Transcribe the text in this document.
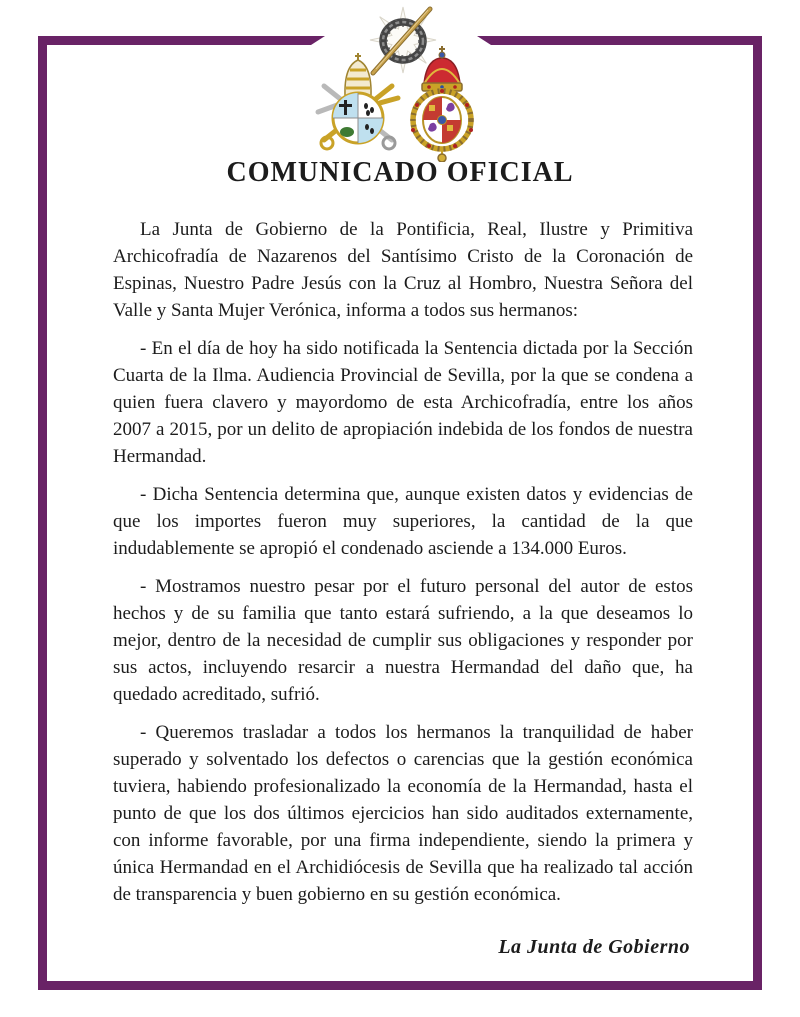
COMUNICADO OFICIAL

La Junta de Gobierno de la Pontificia, Real, Ilustre y Primitiva Archicofradía de Nazarenos del Santísimo Cristo de la Coronación de Espinas, Nuestro Padre Jesús con la Cruz al Hombro, Nuestra Señora del Valle y Santa Mujer Verónica, informa a todos sus hermanos:

- En el día de hoy ha sido notificada la Sentencia dictada por la Sección Cuarta de la Ilma. Audiencia Provincial de Sevilla, por la que se condena a quien fuera clavero y mayordomo de esta Archicofradía, entre los años 2007 a 2015, por un delito de apropiación indebida de los fondos de nuestra Hermandad.

- Dicha Sentencia determina que, aunque existen datos y evidencias de que los importes fueron muy superiores, la cantidad de la que indudablemente se apropió el condenado asciende a 134.000 Euros.

- Mostramos nuestro pesar por el futuro personal del autor de estos hechos y de su familia que tanto estará sufriendo, a la que deseamos lo mejor, dentro de la necesidad de cumplir sus obligaciones y responder por sus actos, incluyendo resarcir a nuestra Hermandad del daño que, ha quedado acreditado, sufrió.

- Queremos trasladar a todos los hermanos la tranquilidad de haber superado y solventado los defectos o carencias que la gestión económica tuviera, habiendo profesionalizado la economía de la Hermandad, hasta el punto de que los dos últimos ejercicios han sido auditados externamente, con informe favorable, por una firma independiente, siendo la primera y única Hermandad en el Archidiócesis de Sevilla que ha realizado tal acción de transparencia y buen gobierno en su gestión económica.

La Junta de Gobierno
